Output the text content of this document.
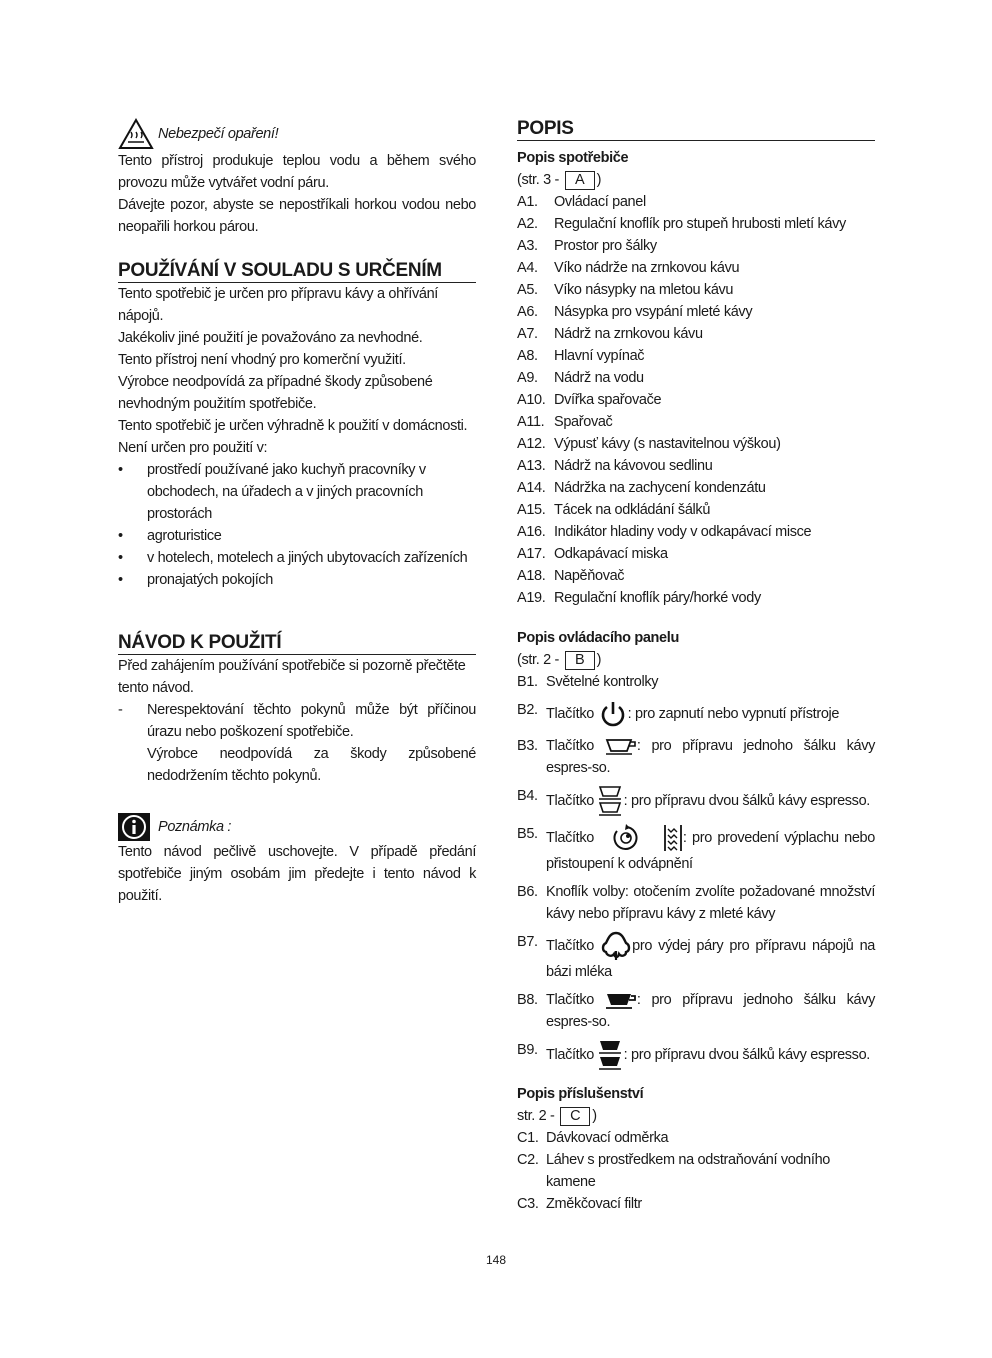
Nebezpečí opaření!

Tento přístroj produkuje teplou vodu a během svého provozu může vytvářet vodní páru.

Dávejte pozor, abyste se nepostříkali horkou vodou nebo neopařili horkou párou.

POUŽÍVÁNÍ V SOULADU S URČENÍM

Tento spotřebič je určen pro přípravu kávy a ohřívání nápojů.

Jakékoliv jiné použití je považováno za nevhodné.

Tento přístroj není vhodný pro komerční využití.

Výrobce neodpovídá za případné škody způsobené nevhodným použitím spotřebiče.

Tento spotřebič je určen výhradně k použití v domácnosti. Není určen pro použití v:

• prostředí používané jako kuchyň pracovníky v obchodech, na úřadech a v jiných pracovních prostorách
• agroturistice
• v hotelech, motelech a jiných ubytovacích zařízeních
• pronajatých pokojích
NÁVOD K POUŽITÍ

Před zahájením používání spotřebiče si pozorně přečtěte tento návod.

- Nerespektování těchto pokynů může být příčinou úrazu nebo poškození spotřebiče.

Výrobce neodpovídá za škody způsobené nedodržením těchto pokynů.

Poznámka :

Tento návod pečlivě uschovejte. V případě předání spotřebiče jiným osobám jim předejte i tento návod k použití.

POPIS
Popis spotřebiče
(str. 3 - A )
A1.	Ovládací panel
A2.	Regulační knoflík pro stupeň hrubosti mletí kávy
A3.	Prostor pro šálky
A4.	Víko nádrže na zrnkovou kávu
A5.	Víko násypky na mletou kávu
A6.	Násypka pro vsypání mleté kávy
A7.	Nádrž na zrnkovou kávu
A8.	Hlavní vypínač
A9.	Nádrž na vodu
A10. Dvířka spařovače
A11. Spařovač
A12. Výpusť kávy (s nastavitelnou výškou)
A13. Nádrž na kávovou sedlinu
A14. Nádržka na zachycení kondenzátu
A15. Tácek na odkládání šálků
A16. Indikátor hladiny vody v odkapávací misce
A17. Odkapávací miska
A18. Napěňovač
A19. Regulační knoflík páry/horké vody
Popis ovládacího panelu
(str. 2 - B )
B1. Světelné kontrolky
B2. Tlačítko : pro zapnutí nebo vypnutí přístroje
B3. Tlačítko	: pro přípravu jednoho šálku kávy espres-so.
B4. Tlačítko : pro přípravu dvou šálků kávy espresso.
B5. Tlačítko	: pro provedení výplachu nebo přistoupení k odvápnění
B6. Knoflík volby: otočením zvolíte požadované množství kávy nebo přípravu kávy z mleté kávy
B7. Tlačítko	pro výdej páry pro přípravu nápojů na bázi mléka
B8. Tlačítko	: pro přípravu jednoho šálku kávy espres-so.
B9. Tlačítko : pro přípravu dvou šálků kávy espresso.
Popis příslušenství
str. 2 - C )
C1. Dávkovací odměrka
C2. Láhev s prostředkem na odstraňování vodního kamene
C3. Změkčovací filtr
148
